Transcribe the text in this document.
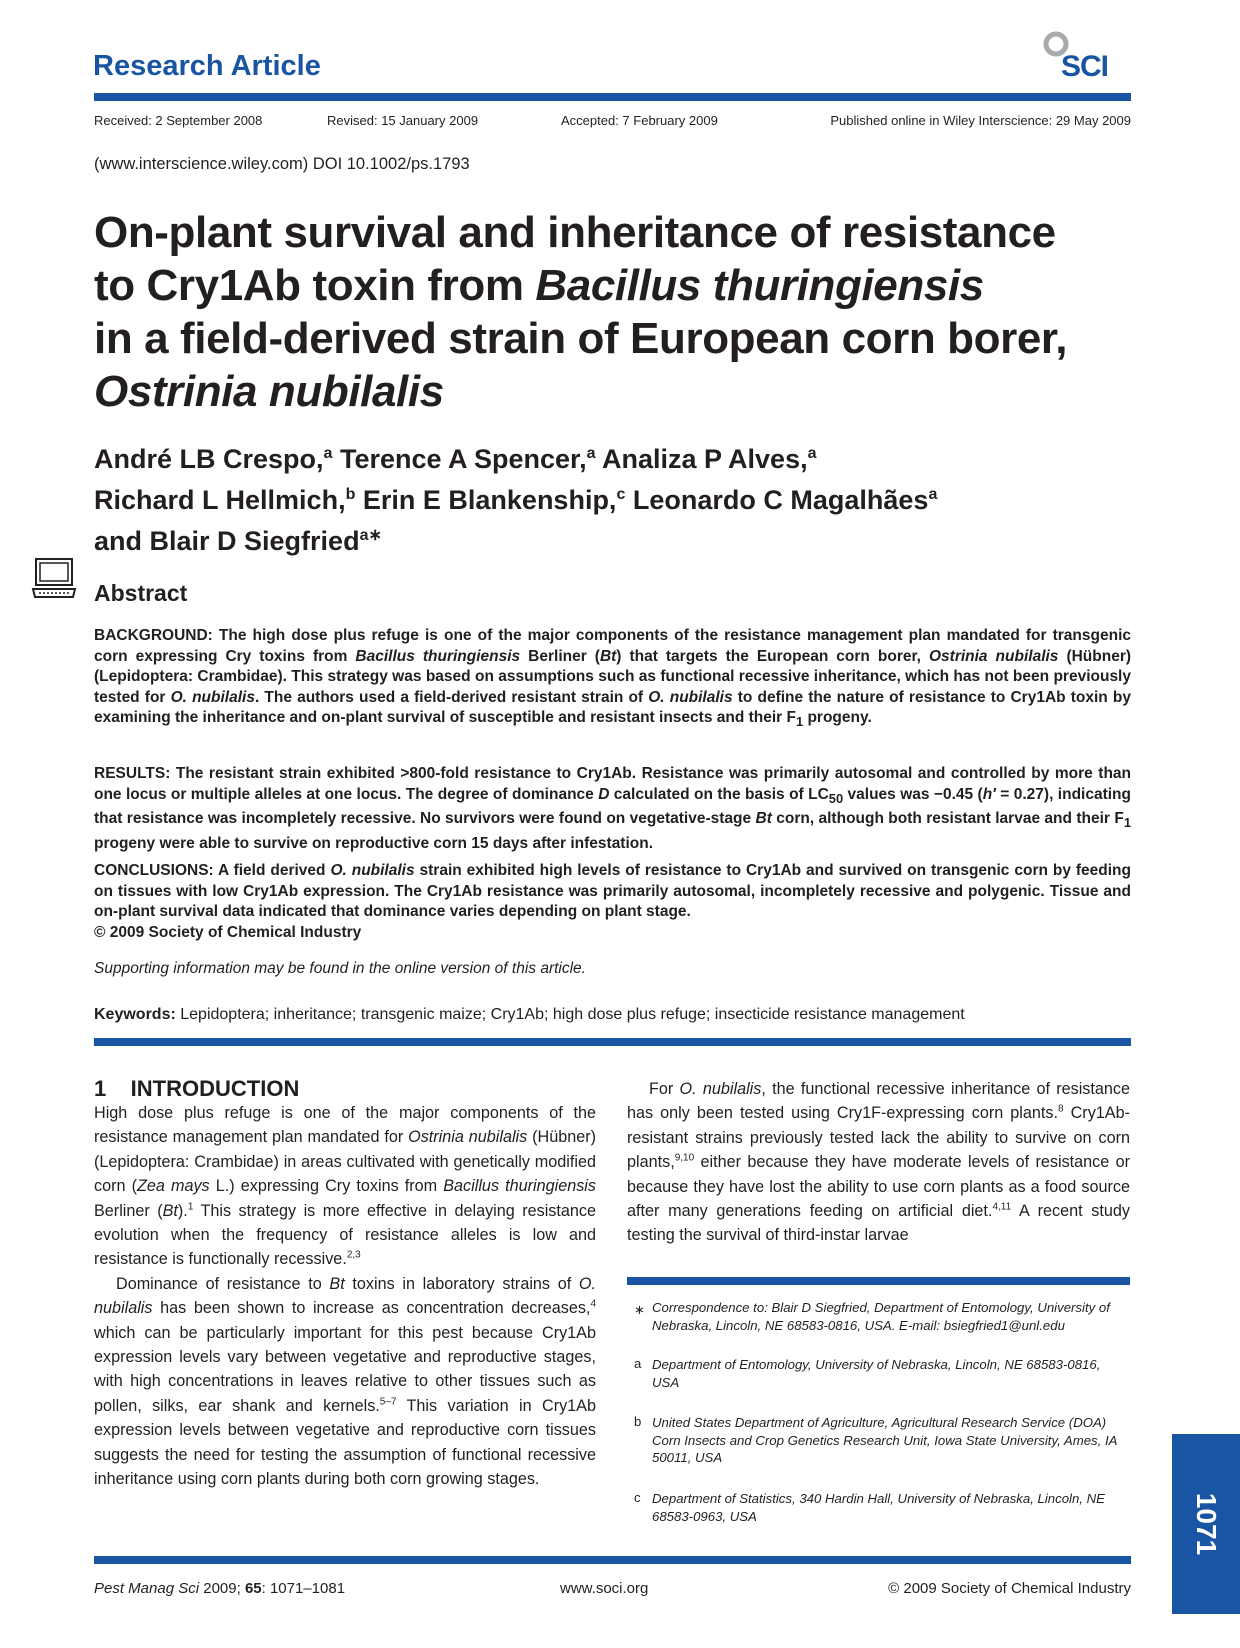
Research Article	SCI
Received: 2 September 2008	Revised: 15 January 2009	Accepted: 7 February 2009	Published online in Wiley Interscience: 29 May 2009
(www.interscience.wiley.com) DOI 10.1002/ps.1793
On-plant survival and inheritance of resistance
to Cry1Ab toxin from Bacillus thuringiensis
in a field-derived strain of European corn borer,
Ostrinia nubilalis
André LB Crespo,$^a$ Terence A Spencer,$^a$ Analiza P Alves,$^a$
Richard L Hellmich,$^b$ Erin E Blankenship,$^c$ Leonardo C Magalhães$^a$
and Blair D Siegfried$^{a∗}$
Abstract
BACKGROUND: The high dose plus refuge is one of the major components of the resistance management plan mandated for transgenic corn expressing Cry toxins from Bacillus thuringiensis Berliner (Bt) that targets the European corn borer, Ostrinia nubilalis (Hübner) (Lepidoptera: Crambidae). This strategy was based on assumptions such as functional recessive inheritance, which has not been previously tested for O. nubilalis. The authors used a field-derived resistant strain of O. nubilalis to define the nature of resistance to Cry1Ab toxin by examining the inheritance and on-plant survival of susceptible and resistant insects and their $F_1$ progeny.
RESULTS: The resistant strain exhibited >800-fold resistance to Cry1Ab. Resistance was primarily autosomal and controlled by more than one locus or multiple alleles at one locus. The degree of dominance D calculated on the basis of $LC_{50}$ values was −0.45 (h′ = 0.27), indicating that resistance was incompletely recessive. No survivors were found on vegetative-stage Bt corn, although both resistant larvae and their $F_1$ progeny were able to survive on reproductive corn 15 days after infestation.
CONCLUSIONS: A field derived O. nubilalis strain exhibited high levels of resistance to Cry1Ab and survived on transgenic corn by feeding on tissues with low Cry1Ab expression. The Cry1Ab resistance was primarily autosomal, incompletely recessive and polygenic. Tissue and on-plant survival data indicated that dominance varies depending on plant stage.
© 2009 Society of Chemical Industry
Supporting information may be found in the online version of this article.
Keywords: Lepidoptera; inheritance; transgenic maize; Cry1Ab; high dose plus refuge; insecticide resistance management
1    INTRODUCTION

High dose plus refuge is one of the major components of the resistance management plan mandated for Ostrinia nubilalis (Hübner) (Lepidoptera: Crambidae) in areas cultivated with genetically modified corn (Zea mays L.) expressing Cry toxins from Bacillus thuringiensis Berliner (Bt).$^1$ This strategy is more effective in delaying resistance evolution when the frequency of resistance alleles is low and resistance is functionally recessive.$^{2,3}$

Dominance of resistance to Bt toxins in laboratory strains of O. nubilalis has been shown to increase as concentration decreases,$^4$ which can be particularly important for this pest because Cry1Ab expression levels vary between vegetative and reproductive stages, with high concentrations in leaves relative to other tissues such as pollen, silks, ear shank and kernels.$^{5-7}$ This variation in Cry1Ab expression levels between vegetative and reproductive corn tissues suggests the need for testing the assumption of functional recessive inheritance using corn plants during both corn growing stages.

For O. nubilalis, the functional recessive inheritance of resistance has only been tested using Cry1F-expressing corn plants.$^8$ Cry1Ab-resistant strains previously tested lack the ability to survive on corn plants,$^{9,10}$ either because they have moderate levels of resistance or because they have lost the ability to use corn plants as a food source after many generations feeding on artificial diet.$^{4,11}$ A recent study testing the survival of third-instar larvae

∗ Correspondence to: Blair D Siegfried, Department of Entomology, University of Nebraska, Lincoln, NE 68583-0816, USA. E-mail: bsiegfried1@unl.edu
a Department of Entomology, University of Nebraska, Lincoln, NE 68583-0816, USA
b United States Department of Agriculture, Agricultural Research Service (DOA) Corn Insects and Crop Genetics Research Unit, Iowa State University, Ames, IA 50011, USA
c Department of Statistics, 340 Hardin Hall, University of Nebraska, Lincoln, NE 68583-0963, USA	1071
Pest Manag Sci 2009; 65: 1071–1081	www.soci.org	© 2009 Society of Chemical Industry
